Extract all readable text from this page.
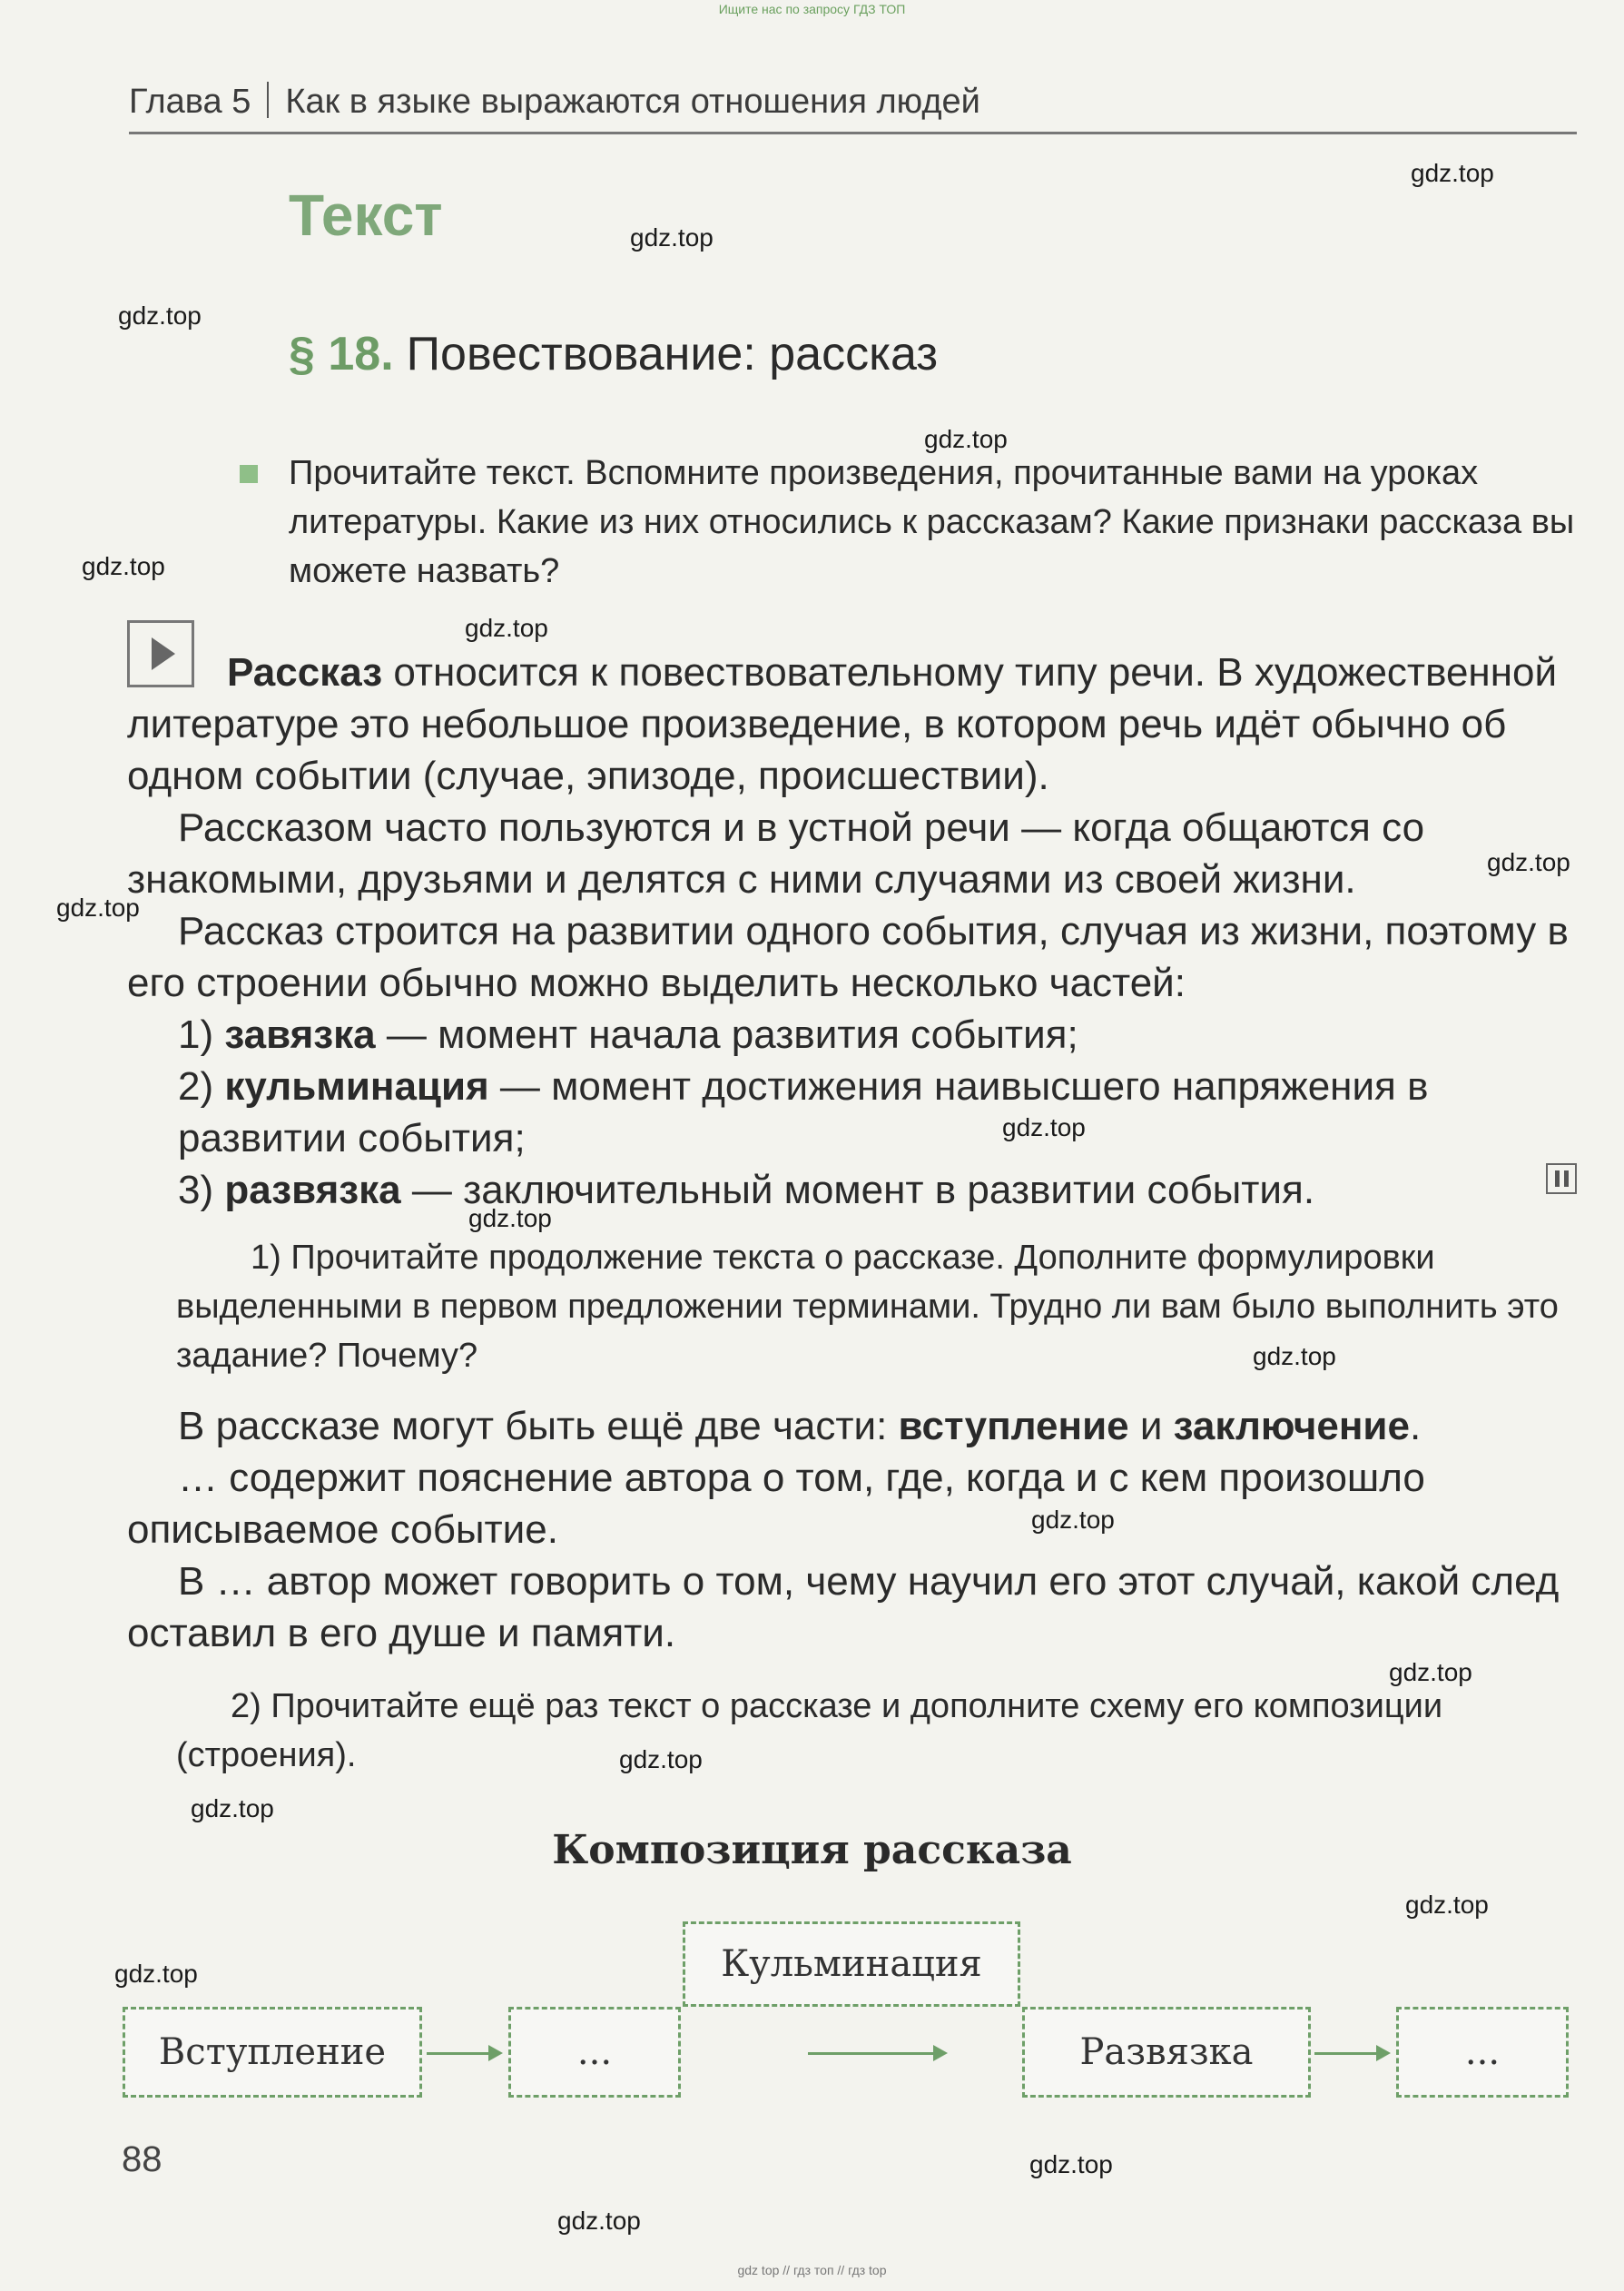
Ищите нас по запросу ГДЗ ТОП
Глава 5 Как в языке выражаются отношения людей
Текст
§ 18. Повествование: рассказ
Прочитайте текст. Вспомните произведения, прочитанные вами на уроках литературы. Какие из них относились к рассказам? Какие признаки рассказа вы можете назвать?
Рассказ относится к повествовательному типу речи. В художественной литературе это небольшое произведение, в котором речь идёт обычно об одном событии (случае, эпизоде, происшествии).
Рассказом часто пользуются и в устной речи — когда общаются со знакомыми, друзьями и делятся с ними случаями из своей жизни.
Рассказ строится на развитии одного события, случая из жизни, поэтому в его строении обычно можно выделить несколько частей:
1) завязка — момент начала развития события;
2) кульминация — момент достижения наивысшего напряжения в развитии события;
3) развязка — заключительный момент в развитии события.
1) Прочитайте продолжение текста о рассказе. Дополните формулировки выделенными в первом предложении терминами. Трудно ли вам было выполнить это задание? Почему?
В рассказе могут быть ещё две части: вступление и заключение.
… содержит пояснение автора о том, где, когда и с кем произошло описываемое событие.
В … автор может говорить о том, чему научил его этот случай, какой след оставил в его душе и памяти.
2) Прочитайте ещё раз текст о рассказе и дополните схему его композиции (строения).
Композиция рассказа
Вступление	...
Кульминация
Развязка	...
88
gdz.top
gdz.top
gdz.top
gdz.top
gdz.top
gdz.top
gdz.top
gdz.top
gdz.top
gdz.top
gdz.top
gdz.top
gdz.top
gdz.top
gdz.top
gdz.top
gdz.top
gdz.top
gdz.top
gdz top // гдз топ // гдз top
